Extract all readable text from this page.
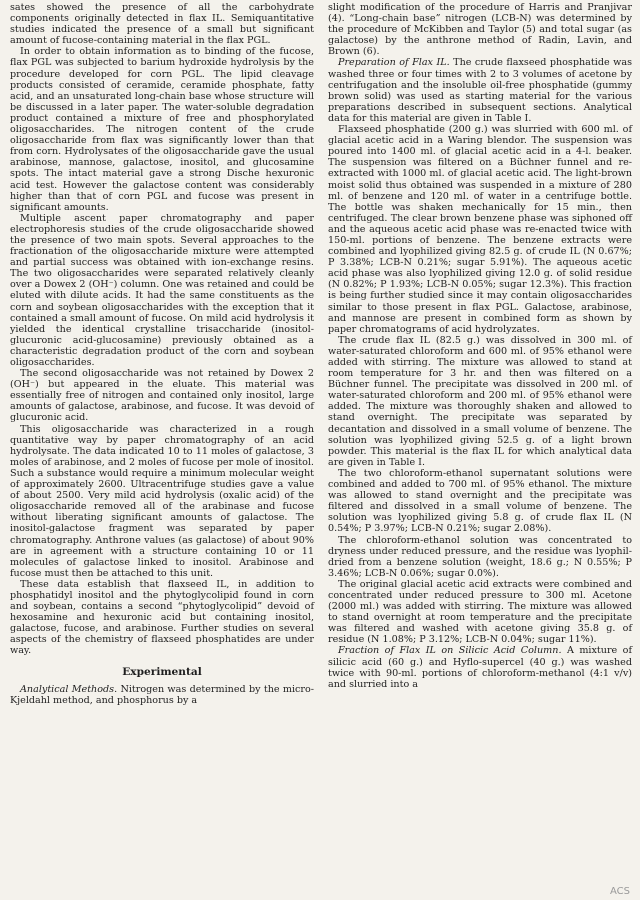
sates showed the presence of all the carbohydrate components originally detected in flax IL. Semiquantitative studies indicated the presence of a small but significant amount of fucose-containing material in the flax PGL.

In order to obtain information as to binding of the fucose, flax PGL was subjected to barium hydroxide hydrolysis by the procedure developed for corn PGL. The lipid cleavage products consisted of ceramide, ceramide phosphate, fatty acid, and an unsaturated long-chain base whose structure will be discussed in a later paper. The water-soluble degradation product contained a mixture of free and phosphorylated oligosaccharides. The nitrogen content of the crude oligosaccharide from flax was significantly lower than that from corn. Hydrolysates of the oligosaccharide gave the usual arabinose, mannose, galactose, inositol, and glucosamine spots. The intact material gave a strong Dische hexuronic acid test. However the galactose content was considerably higher than that of corn PGL and fucose was present in significant amounts.

Multiple ascent paper chromatography and paper electrophoresis studies of the crude oligosaccharide showed the presence of two main spots. Several approaches to the fractionation of the oligosaccharide mixture were attempted and partial success was obtained with ion-exchange resins. The two oligosaccharides were separated relatively cleanly over a Dowex 2 (OH⁻) column. One was retained and could be eluted with dilute acids. It had the same constituents as the corn and soybean oligosaccharides with the exception that it contained a small amount of fucose. On mild acid hydrolysis it yielded the identical crystalline trisaccharide (inositol-glucuronic acid-glucosamine) previously obtained as a characteristic degradation product of the corn and soybean oligosaccharides.

The second oligosaccharide was not retained by Dowex 2 (OH⁻) but appeared in the eluate. This material was essentially free of nitrogen and contained only inositol, large amounts of galactose, arabinose, and fucose. It was devoid of glucuronic acid.

This oligosaccharide was characterized in a rough quantitative way by paper chromatography of an acid hydrolysate. The data indicated 10 to 11 moles of galactose, 3 moles of arabinose, and 2 moles of fucose per mole of inositol. Such a substance would require a minimum molecular weight of approximately 2600. Ultracentrifuge studies gave a value of about 2500. Very mild acid hydrolysis (oxalic acid) of the oligosaccharide removed all of the arabinase and fucose without liberating significant amounts of galactose. The inositol-galactose fragment was separated by paper chromatography. Anthrone values (as galactose) of about 90% are in agreement with a structure containing 10 or 11 molecules of galactose linked to inositol. Arabinose and fucose must then be attached to this unit.

These data establish that flaxseed IL, in addition to phosphatidyl inositol and the phytoglycolipid found in corn and soybean, contains a second “phytoglycolipid” devoid of hexosamine and hexuronic acid but containing inositol, galactose, fucose, and arabinose. Further studies on several aspects of the chemistry of flaxseed phosphatides are under way.

Experimental

Analytical Methods. Nitrogen was determined by the micro-Kjeldahl method, and phosphorus by a

slight modification of the procedure of Harris and Pranjivar (4). “Long-chain base” nitrogen (LCB-N) was determined by the procedure of McKibben and Taylor (5) and total sugar (as galactose) by the anthrone method of Radin, Lavin, and Brown (6).

Preparation of Flax IL. The crude flaxseed phosphatide was washed three or four times with 2 to 3 volumes of acetone by centrifugation and the insoluble oil-free phosphatide (gummy brown solid) was used as starting material for the various preparations described in subsequent sections. Analytical data for this material are given in Table I.

Flaxseed phosphatide (200 g.) was slurried with 600 ml. of glacial acetic acid in a Waring blendor. The suspension was poured into 1400 ml. of glacial acetic acid in a 4-l. beaker. The suspension was filtered on a Büchner funnel and re-extracted with 1000 ml. of glacial acetic acid. The light-brown moist solid thus obtained was suspended in a mixture of 280 ml. of benzene and 120 ml. of water in a centrifuge bottle. The bottle was shaken mechanically for 15 min., then centrifuged. The clear brown benzene phase was siphoned off and the aqueous acetic acid phase was re-enacted twice with 150-ml. portions of benzene. The benzene extracts were combined and lyophilized giving 82.5 g. of crude IL (N 0.67%; P 3.38%; LCB-N 0.21%; sugar 5.91%). The aqueous acetic acid phase was also lyophilized giving 12.0 g. of solid residue (N 0.82%; P 1.93%; LCB-N 0.05%; sugar 12.3%). This fraction is being further studied since it may contain oligosaccharides similar to those present in flax PGL. Galactose, arabinose, and mannose are present in combined form as shown by paper chromatograms of acid hydrolyzates.

The crude flax IL (82.5 g.) was dissolved in 300 ml. of water-saturated chloroform and 600 ml. of 95% ethanol were added with stirring. The mixture was allowed to stand at room temperature for 3 hr. and then was filtered on a Büchner funnel. The precipitate was dissolved in 200 ml. of water-saturated chloroform and 200 ml. of 95% ethanol were added. The mixture was thoroughly shaken and allowed to stand overnight. The precipitate was separated by decantation and dissolved in a small volume of benzene. The solution was lyophilized giving 52.5 g. of a light brown powder. This material is the flax IL for which analytical data are given in Table I.

The two chloroform-ethanol supernatant solutions were combined and added to 700 ml. of 95% ethanol. The mixture was allowed to stand overnight and the precipitate was filtered and dissolved in a small volume of benzene. The solution was lyophilized giving 5.8 g. of crude flax IL (N 0.54%; P 3.97%; LCB-N 0.21%; sugar 2.08%).

The chloroform-ethanol solution was concentrated to dryness under reduced pressure, and the residue was lyophil-dried from a benzene solution (weight, 18.6 g.; N 0.55%; P 3.46%; LCB-N 0.06%; sugar 0.0%).

The original glacial acetic acid extracts were combined and concentrated under reduced pressure to 300 ml. Acetone (2000 ml.) was added with stirring. The mixture was allowed to stand overnight at room temperature and the precipitate was filtered and washed with acetone giving 35.8 g. of residue (N 1.08%; P 3.12%; LCB-N 0.04%; sugar 11%).

Fraction of Flax IL on Silicic Acid Column. A mixture of silicic acid (60 g.) and Hyflo-supercel (40 g.) was washed twice with 90-ml. portions of chloroform-methanol (4:1 v/v) and slurried into a

ACS
